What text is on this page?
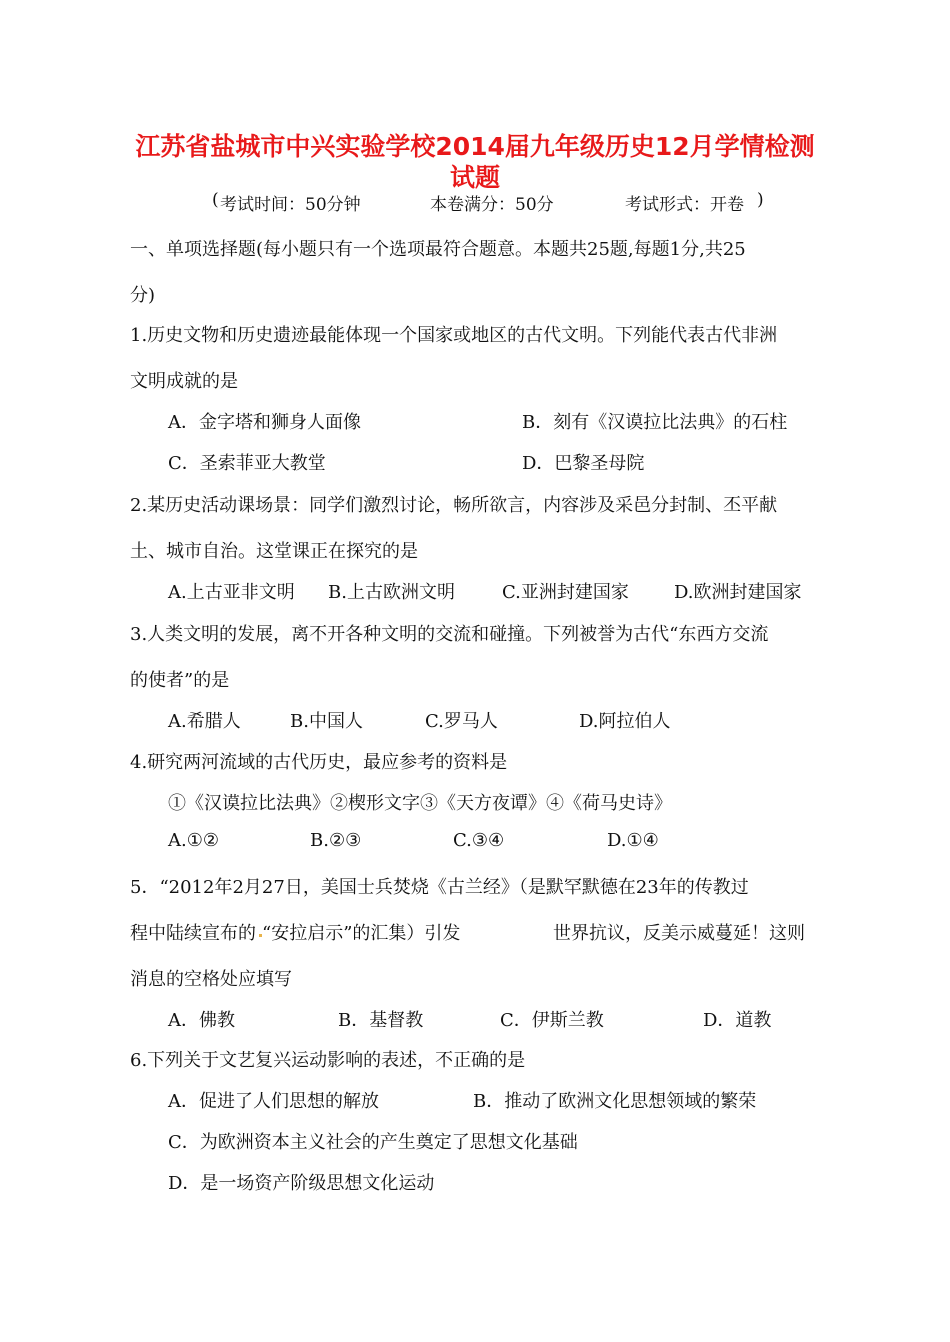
江苏省盐城市中兴实验学校2014届九年级历史12月学情检测
试题
( 考试时间：50分钟	本卷满分：50分	考试形式：开卷 )
一、单项选择题(每小题只有一个选项最符合题意。本题共25题,每题1分,共25
分)
1.历史文物和历史遗迹最能体现一个国家或地区的古代文明。下列能代表古代非洲
文明成就的是
A．金字塔和狮身人面像	B．刻有《汉谟拉比法典》的石柱
C．圣索菲亚大教堂	D．巴黎圣母院
2.某历史活动课场景：同学们激烈讨论，畅所欲言，内容涉及采邑分封制、丕平献
土、城市自治。这堂课正在探究的是
A.上古亚非文明 B.上古欧洲文明	C.亚洲封建国家	D.欧洲封建国家
3.人类文明的发展，离不开各种文明的交流和碰撞。下列被誉为古代“东西方交流
的使者”的是
A.希腊人	B.中国人	C.罗马人	D.阿拉伯人
4.研究两河流域的古代历史，最应参考的资料是
①《汉谟拉比法典》②楔形文字③《天方夜谭》④《荷马史诗》
A.①②	B.②③	C.③④	D.①④
5．“2012年2月27日，美国士兵焚烧《古兰经》（是默罕默德在23年的传教过
程中陆续宣布的 “安拉启示”的汇集）引发	世界抗议，反美示威蔓延！这则
消息的空格处应填写
A．佛教	B．基督教	C．伊斯兰教	D．道教
6.下列关于文艺复兴运动影响的表述，不正确的是
A．促进了人们思想的解放	B．推动了欧洲文化思想领域的繁荣
C．为欧洲资本主义社会的产生奠定了思想文化基础
D．是一场资产阶级思想文化运动
